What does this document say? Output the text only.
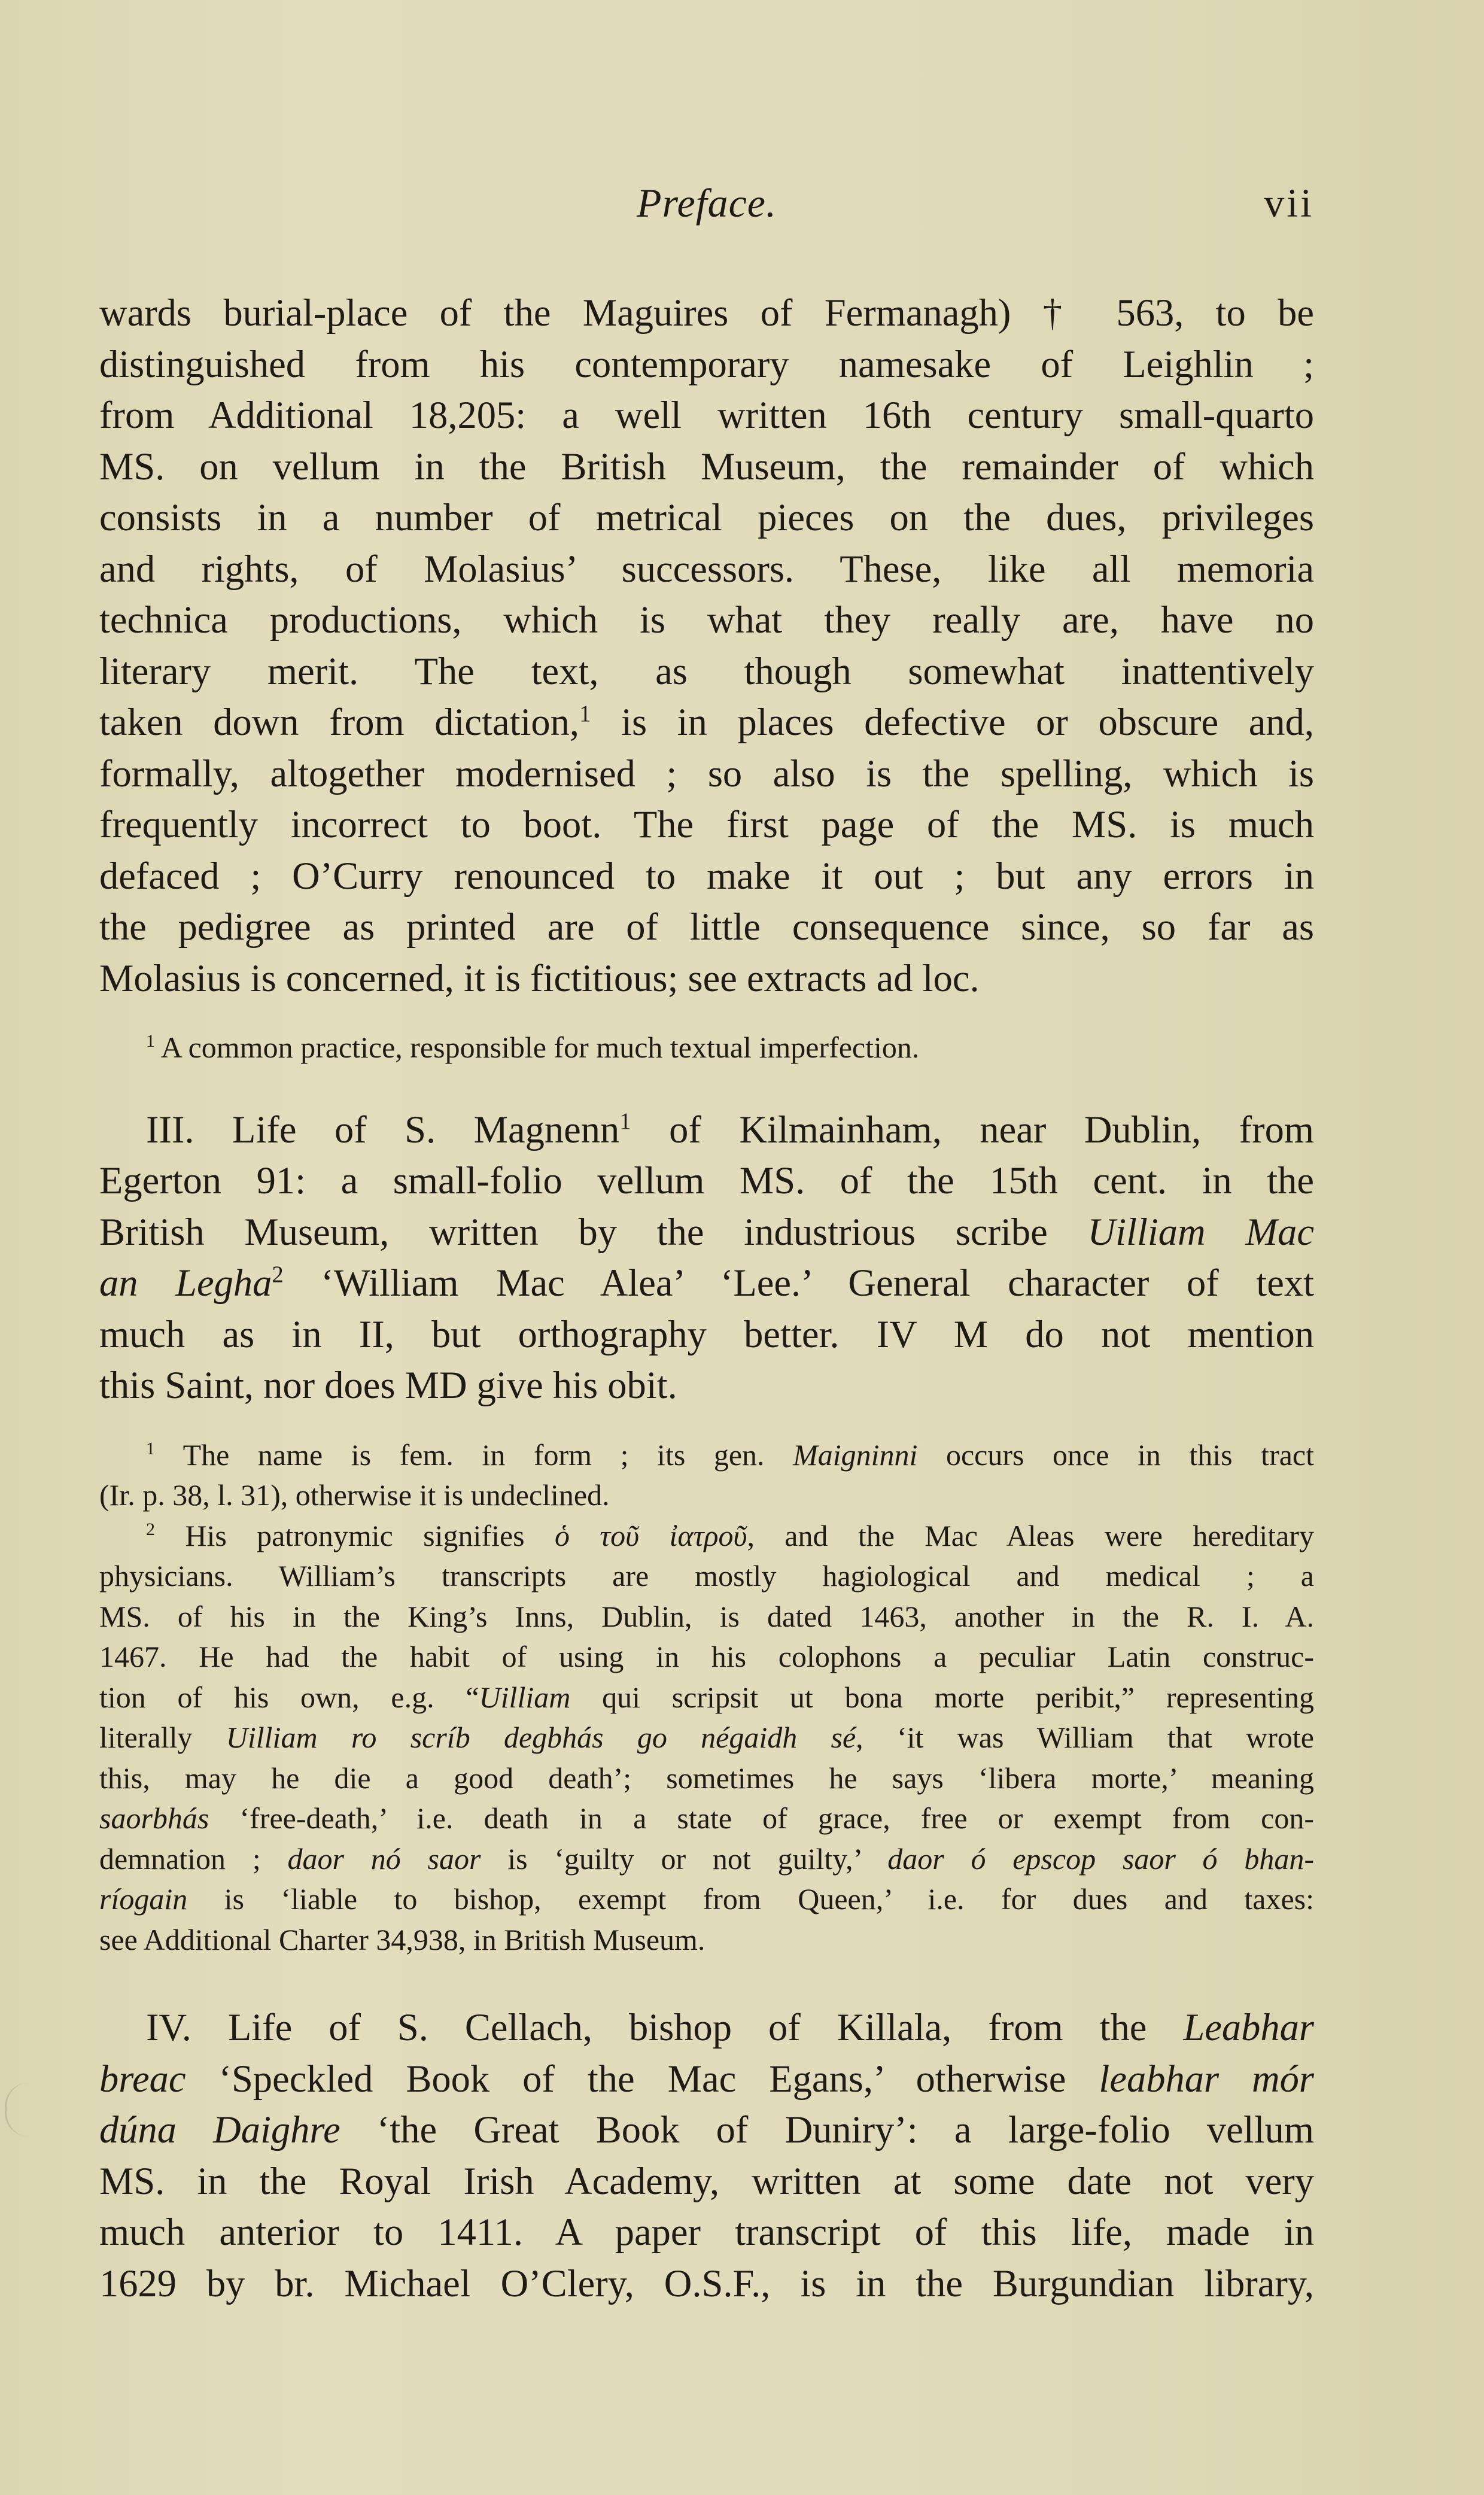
Preface.	vii
wards burial-place of the Maguires of Fermanagh) † 563, to be
distinguished from his contemporary namesake of Leighlin ;
from Additional 18,205: a well written 16th century small-quarto
MS. on vellum in the British Museum, the remainder of which
consists in a number of metrical pieces on the dues, privileges
and rights, of Molasius’ successors. These, like all memoria
technica productions, which is what they really are, have no
literary merit. The text, as though somewhat inattentively
taken down from dictation,$^1$ is in places defective or obscure and,
formally, altogether modernised ; so also is the spelling, which is
frequently incorrect to boot. The first page of the MS. is much
defaced ; O’Curry renounced to make it out ; but any errors in
the pedigree as printed are of little consequence since, so far as
Molasius is concerned, it is fictitious; see extracts ad loc.
$^1$ A common practice, responsible for much textual imperfection.
III. Life of S. Magnenn$^1$ of Kilmainham, near Dublin, from
Egerton 91: a small-folio vellum MS. of the 15th cent. in the
British Museum, written by the industrious scribe Uilliam Mac
an Legha$^2$ ‘William Mac Alea’ ‘Lee.’ General character of text
much as in II, but orthography better. IV M do not mention
this Saint, nor does MD give his obit.
$^1$ The name is fem. in form ; its gen. Maigninni occurs once in this tract
(Ir. p. 38, l. 31), otherwise it is undeclined.
$^2$ His patronymic signifies ὁ τοῦ ἰατροῦ, and the Mac Aleas were hereditary
physicians. William’s transcripts are mostly hagiological and medical ; a
MS. of his in the King’s Inns, Dublin, is dated 1463, another in the R. I. A.
1467. He had the habit of using in his colophons a peculiar Latin construc-
tion of his own, e.g. “Uilliam qui scripsit ut bona morte peribit,” representing
literally Uilliam ro scríb degbhás go négaidh sé, ‘it was William that wrote
this, may he die a good death’; sometimes he says ‘libera morte,’ meaning
saorbhás ‘free-death,’ i.e. death in a state of grace, free or exempt from con-
demnation ; daor nó saor is ‘guilty or not guilty,’ daor ó epscop saor ó bhan-
ríogain is ‘liable to bishop, exempt from Queen,’ i.e. for dues and taxes:
see Additional Charter 34,938, in British Museum.
IV. Life of S. Cellach, bishop of Killala, from the Leabhar
breac ‘Speckled Book of the Mac Egans,’ otherwise leabhar mór
dúna Daighre ‘the Great Book of Duniry’: a large-folio vellum
MS. in the Royal Irish Academy, written at some date not very
much anterior to 1411. A paper transcript of this life, made in
1629 by br. Michael O’Clery, O.S.F., is in the Burgundian library,
